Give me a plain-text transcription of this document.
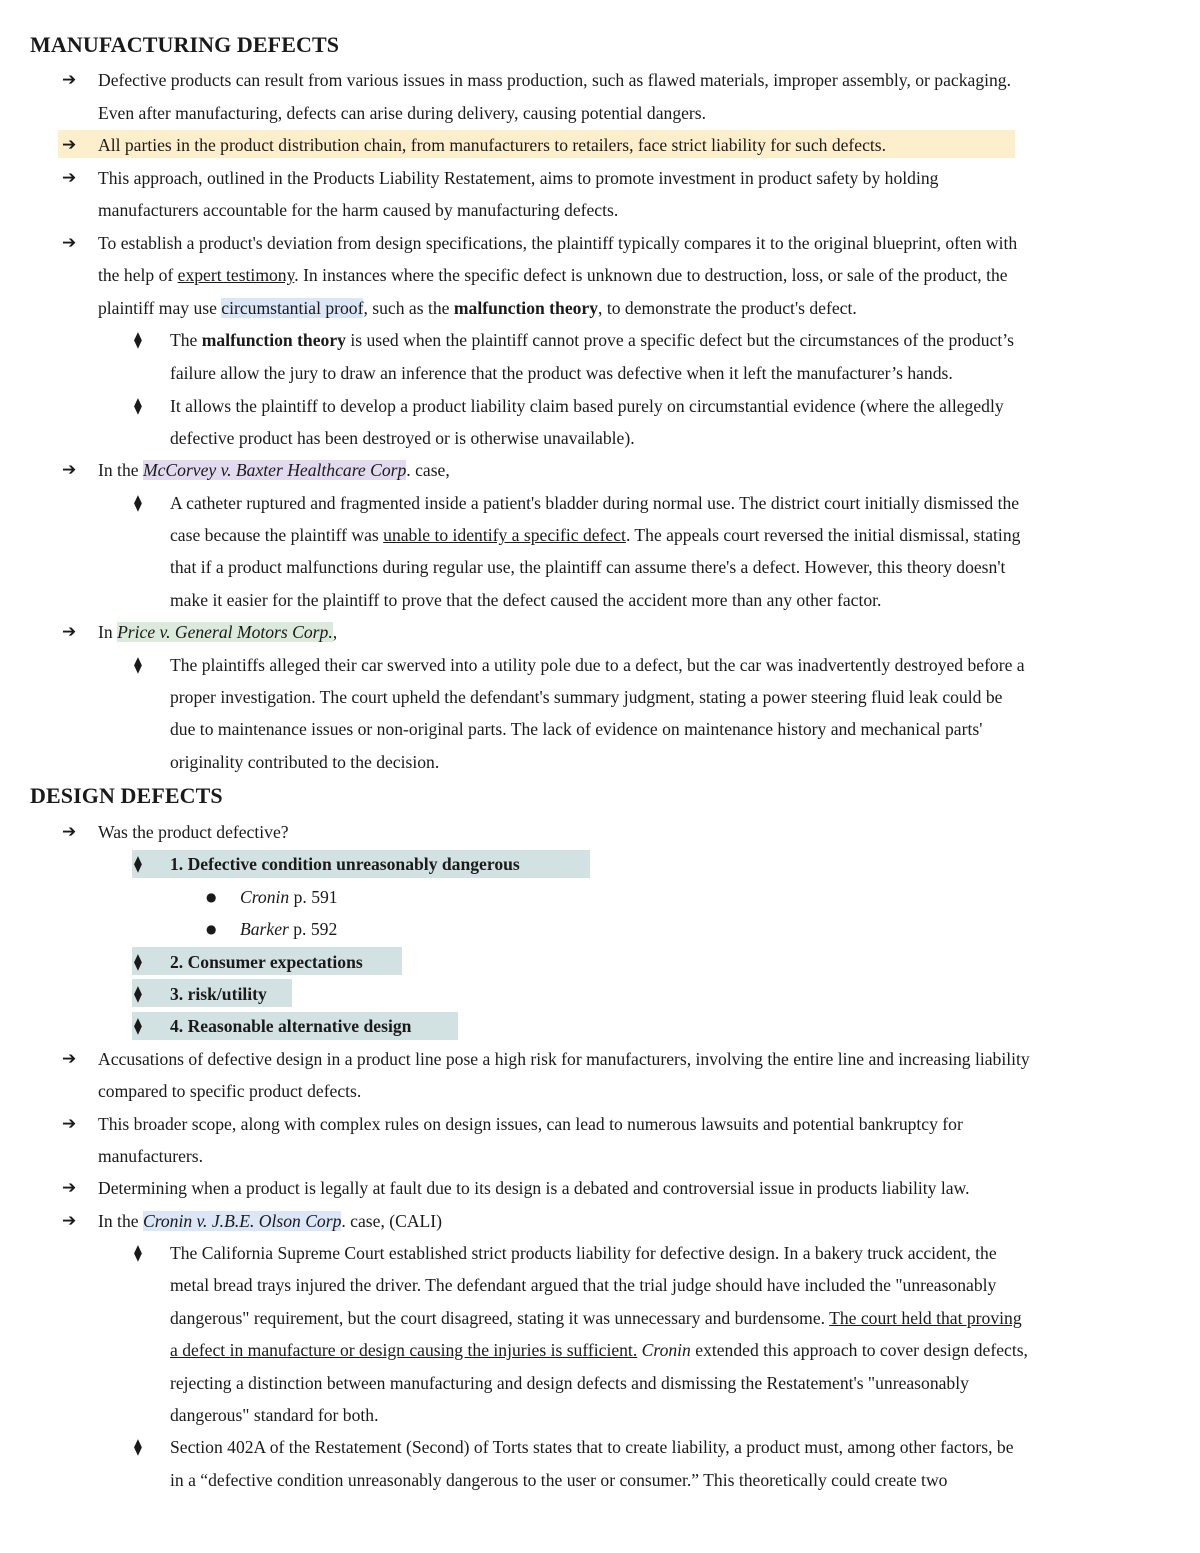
MANUFACTURING DEFECTS
➔ Defective products can result from various issues in mass production, such as flawed materials, improper assembly, or packaging.
Even after manufacturing, defects can arise during delivery, causing potential dangers.
➔ All parties in the product distribution chain, from manufacturers to retailers, face strict liability for such defects.
➔ This approach, outlined in the Products Liability Restatement, aims to promote investment in product safety by holding
manufacturers accountable for the harm caused by manufacturing defects.
➔ To establish a product's deviation from design specifications, the plaintiff typically compares it to the original blueprint, often with
the help of expert testimony. In instances where the specific defect is unknown due to destruction, loss, or sale of the product, the
plaintiff may use circumstantial proof, such as the malfunction theory, to demonstrate the product's defect.
⧫ The malfunction theory is used when the plaintiff cannot prove a specific defect but the circumstances of the product’s
failure allow the jury to draw an inference that the product was defective when it left the manufacturer’s hands.
⧫ It allows the plaintiff to develop a product liability claim based purely on circumstantial evidence (where the allegedly
defective product has been destroyed or is otherwise unavailable).
➔ In the McCorvey v. Baxter Healthcare Corp. case,
⧫ A catheter ruptured and fragmented inside a patient's bladder during normal use. The district court initially dismissed the
case because the plaintiff was unable to identify a specific defect. The appeals court reversed the initial dismissal, stating
that if a product malfunctions during regular use, the plaintiff can assume there's a defect. However, this theory doesn't
make it easier for the plaintiff to prove that the defect caused the accident more than any other factor.
➔ In Price v. General Motors Corp.,
⧫ The plaintiffs alleged their car swerved into a utility pole due to a defect, but the car was inadvertently destroyed before a
proper investigation. The court upheld the defendant's summary judgment, stating a power steering fluid leak could be
due to maintenance issues or non-original parts. The lack of evidence on maintenance history and mechanical parts'
originality contributed to the decision.
DESIGN DEFECTS
➔ Was the product defective?
⧫ 1. Defective condition unreasonably dangerous
● Cronin p. 591
● Barker p. 592
⧫ 2. Consumer expectations
⧫ 3. risk/utility
⧫ 4. Reasonable alternative design
➔ Accusations of defective design in a product line pose a high risk for manufacturers, involving the entire line and increasing liability
compared to specific product defects.
➔ This broader scope, along with complex rules on design issues, can lead to numerous lawsuits and potential bankruptcy for
manufacturers.
➔ Determining when a product is legally at fault due to its design is a debated and controversial issue in products liability law.
➔ In the Cronin v. J.B.E. Olson Corp. case, (CALI)
⧫ The California Supreme Court established strict products liability for defective design. In a bakery truck accident, the
metal bread trays injured the driver. The defendant argued that the trial judge should have included the "unreasonably
dangerous" requirement, but the court disagreed, stating it was unnecessary and burdensome. The court held that proving
a defect in manufacture or design causing the injuries is sufficient. Cronin extended this approach to cover design defects,
rejecting a distinction between manufacturing and design defects and dismissing the Restatement's "unreasonably
dangerous" standard for both.
⧫ Section 402A of the Restatement (Second) of Torts states that to create liability, a product must, among other factors, be
in a “defective condition unreasonably dangerous to the user or consumer.” This theoretically could create two
